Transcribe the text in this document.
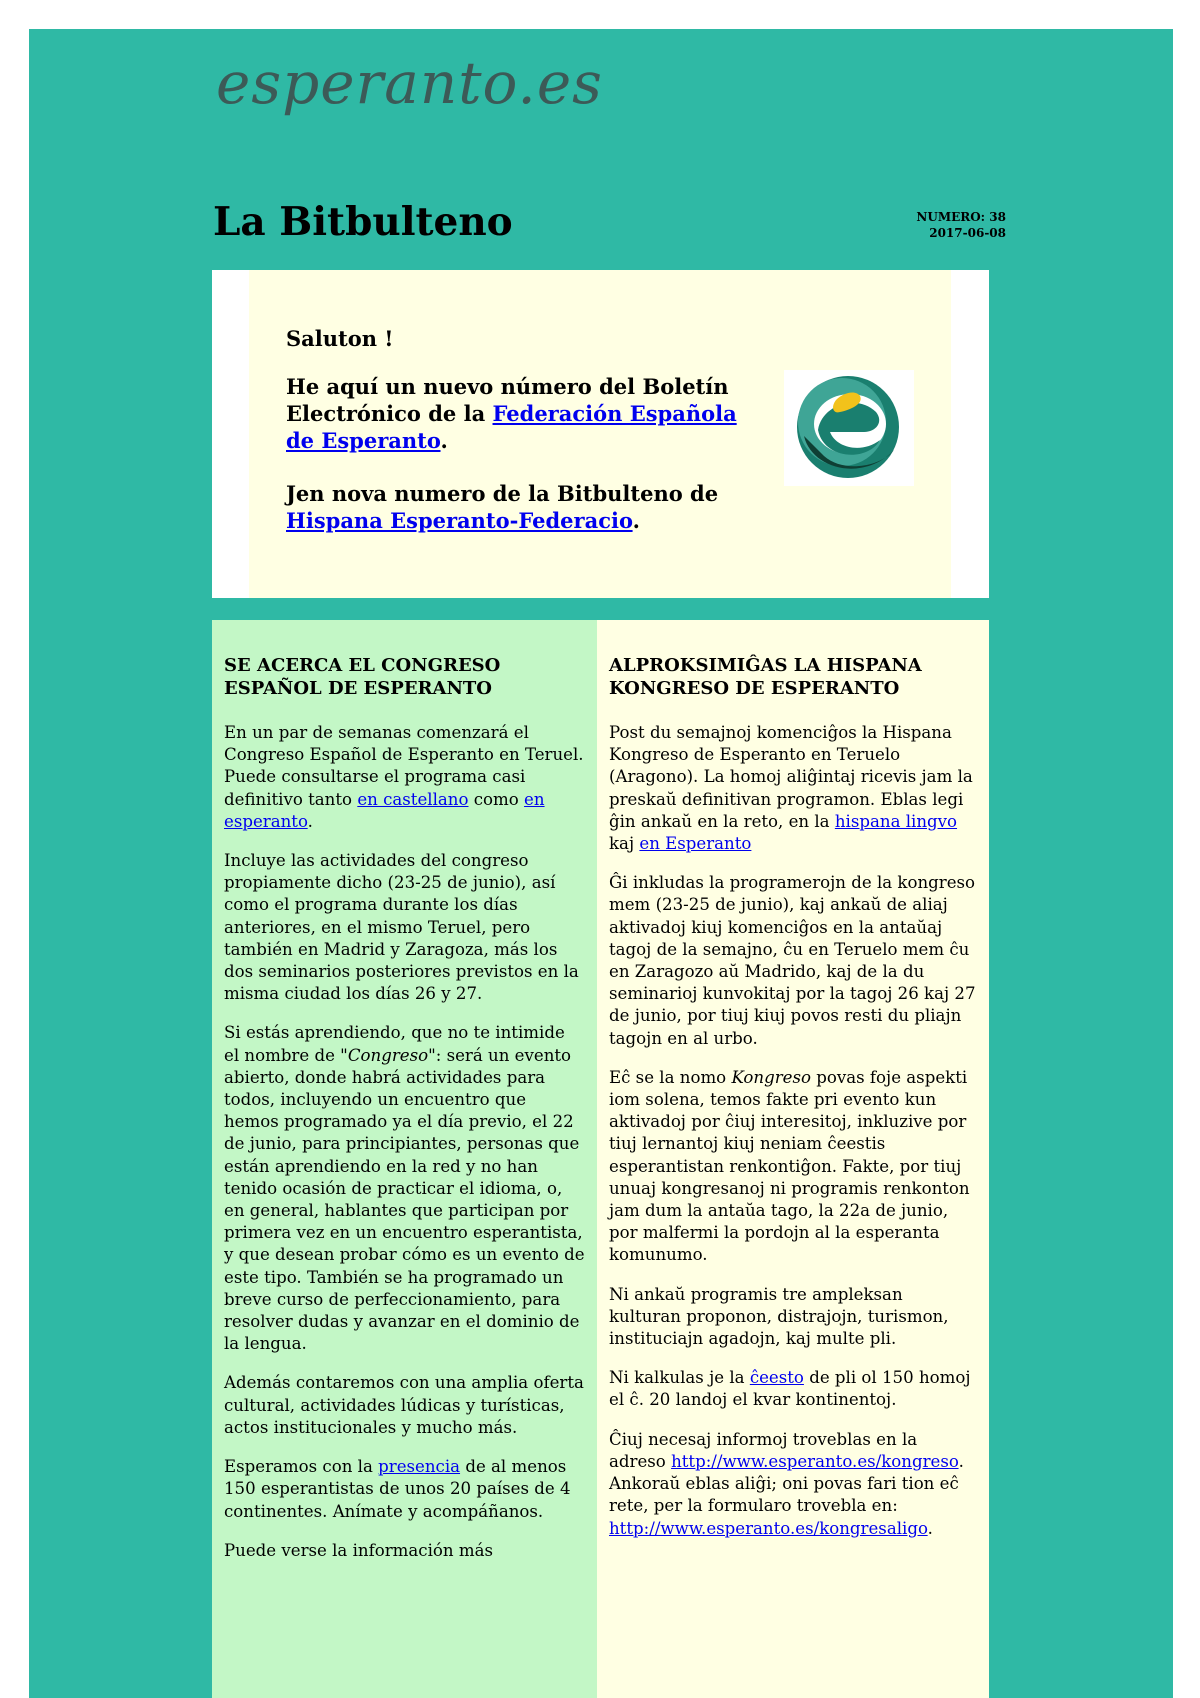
esperanto.es
La Bitbulteno	NUMERO: 38
2017-06-08

Saluton !

He aquí un nuevo número del Boletín Electrónico de la Federación Española de Esperanto.

Jen nova numero de la Bitbulteno de Hispana Esperanto-Federacio.

SE ACERCA EL CONGRESO ESPAÑOL DE ESPERANTO

En un par de semanas comenzará el Congreso Español de Esperanto en Teruel. Puede consultarse el programa casi definitivo tanto en castellano como en esperanto.

Incluye las actividades del congreso propiamente dicho (23-25 de junio), así como el programa durante los días anteriores, en el mismo Teruel, pero también en Madrid y Zaragoza, más los dos seminarios posteriores previstos en la misma ciudad los días 26 y 27.

Si estás aprendiendo, que no te intimide el nombre de "Congreso": será un evento abierto, donde habrá actividades para todos, incluyendo un encuentro que hemos programado ya el día previo, el 22 de junio, para principiantes, personas que están aprendiendo en la red y no han tenido ocasión de practicar el idioma, o, en general, hablantes que participan por primera vez en un encuentro esperantista, y que desean probar cómo es un evento de este tipo. También se ha programado un breve curso de perfeccionamiento, para resolver dudas y avanzar en el dominio de la lengua.

Además contaremos con una amplia oferta cultural, actividades lúdicas y turísticas, actos institucionales y mucho más.

Esperamos con la presencia de al menos 150 esperantistas de unos 20 países de 4 continentes. Anímate y acompáñanos.

Puede verse la información más

ALPROKSIMIĜAS LA HISPANA KONGRESO DE ESPERANTO

Post du semajnoj komenciĝos la Hispana Kongreso de Esperanto en Teruelo (Aragono). La homoj aliĝintaj ricevis jam la preskaŭ definitivan programon. Eblas legi ĝin ankaŭ en la reto, en la hispana lingvo kaj en Esperanto

Ĝi inkludas la programerojn de la kongreso mem (23-25 de junio), kaj ankaŭ de aliaj aktivadoj kiuj komenciĝos en la antaŭaj tagoj de la semajno, ĉu en Teruelo mem ĉu en Zaragozo aŭ Madrido, kaj de la du seminarioj kunvokitaj por la tagoj 26 kaj 27 de junio, por tiuj kiuj povos resti du pliajn tagojn en al urbo.

Eĉ se la nomo Kongreso povas foje aspekti iom solena, temos fakte pri evento kun aktivadoj por ĉiuj interesitoj, inkluzive por tiuj lernantoj kiuj neniam ĉeestis esperantistan renkontiĝon. Fakte, por tiuj unuaj kongresanoj ni programis renkonton jam dum la antaŭa tago, la 22a de junio, por malfermi la pordojn al la esperanta komunumo.

Ni ankaŭ programis tre ampleksan kulturan proponon, distrajojn, turismon, instituciajn agadojn, kaj multe pli.

Ni kalkulas je la ĉeesto de pli ol 150 homoj el ĉ. 20 landoj el kvar kontinentoj.

Ĉiuj necesaj informoj troveblas en la adreso http://www.esperanto.es/kongreso. Ankoraŭ eblas aliĝi; oni povas fari tion eĉ rete, per la formularo trovebla en: http://www.esperanto.es/kongresaligo.
